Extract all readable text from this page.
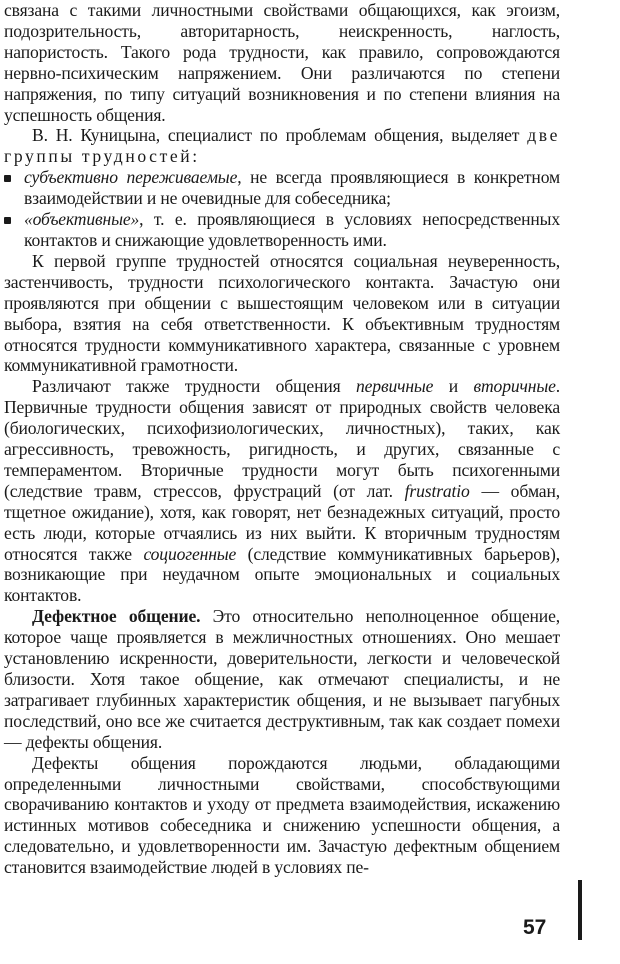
связана с такими личностными свойствами общающихся, как эгоизм, подозрительность, авторитарность, неискренность, наглость, напористость. Такого рода трудности, как правило, сопровождаются нервно-психическим напряжением. Они различаются по степени напряжения, по типу ситуаций возникновения и по степени влияния на успешность общения.

В. Н. Куницына, специалист по проблемам общения, выделяет две группы трудностей:

субъективно переживаемые, не всегда проявляющиеся в конкретном взаимодействии и не очевидные для собеседника;
«объективные», т. е. проявляющиеся в условиях непосредственных контактов и снижающие удовлетворенность ими.

К первой группе трудностей относятся социальная неуверенность, застенчивость, трудности психологического контакта. Зачастую они проявляются при общении с вышестоящим человеком или в ситуации выбора, взятия на себя ответственности. К объективным трудностям относятся трудности коммуникативного характера, связанные с уровнем коммуникативной грамотности.

Различают также трудности общения первичные и вторичные. Первичные трудности общения зависят от природных свойств человека (биологических, психофизиологических, личностных), таких, как агрессивность, тревожность, ригидность, и других, связанные с темпераментом. Вторичные трудности могут быть психогенными (следствие травм, стрессов, фрустраций (от лат. frustratio — обман, тщетное ожидание), хотя, как говорят, нет безнадежных ситуаций, просто есть люди, которые отчаялись из них выйти. К вторичным трудностям относятся также социогенные (следствие коммуникативных барьеров), возникающие при неудачном опыте эмоциональных и социальных контактов.

Дефектное общение. Это относительно неполноценное общение, которое чаще проявляется в межличностных отношениях. Оно мешает установлению искренности, доверительности, легкости и человеческой близости. Хотя такое общение, как отмечают специалисты, и не затрагивает глубинных характеристик общения, и не вызывает пагубных последствий, оно все же считается деструктивным, так как создает помехи — дефекты общения.

Дефекты общения порождаются людьми, обладающими определенными личностными свойствами, способствующими сворачиванию контактов и уходу от предмета взаимодействия, искажению истинных мотивов собеседника и снижению успешности общения, а следовательно, и удовлетворенности им. Зачастую дефектным общением становится взаимодействие людей в условиях пе-

57
